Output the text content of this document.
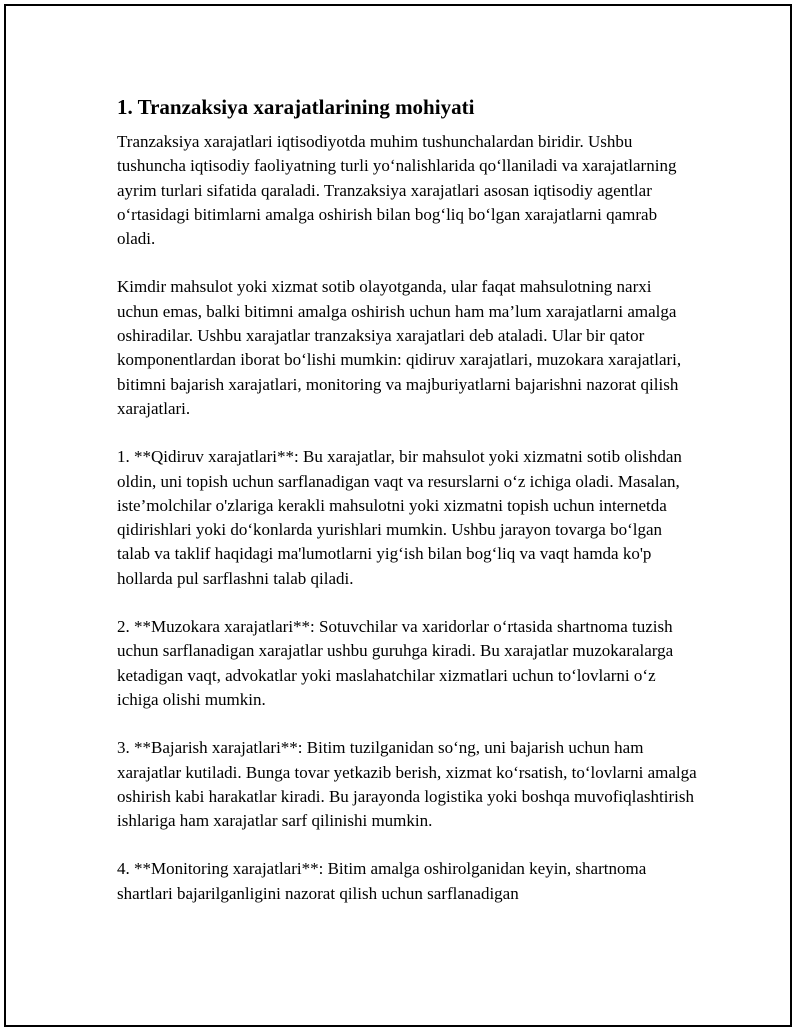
1. Tranzaksiya xarajatlarining mohiyati

Tranzaksiya xarajatlari iqtisodiyotda muhim tushunchalardan biridir. Ushbu tushuncha iqtisodiy faoliyatning turli yo‘nalishlarida qo‘llaniladi va xarajatlarning ayrim turlari sifatida qaraladi. Tranzaksiya xarajatlari asosan iqtisodiy agentlar o‘rtasidagi bitimlarni amalga oshirish bilan bog‘liq bo‘lgan xarajatlarni qamrab oladi.

Kimdir mahsulot yoki xizmat sotib olayotganda, ular faqat mahsulotning narxi uchun emas, balki bitimni amalga oshirish uchun ham ma’lum xarajatlarni amalga oshiradilar. Ushbu xarajatlar tranzaksiya xarajatlari deb ataladi. Ular bir qator komponentlardan iborat bo‘lishi mumkin: qidiruv xarajatlari, muzokara xarajatlari, bitimni bajarish xarajatlari, monitoring va majburiyatlarni bajarishni nazorat qilish xarajatlari.

1. **Qidiruv xarajatlari**: Bu xarajatlar, bir mahsulot yoki xizmatni sotib olishdan oldin, uni topish uchun sarflanadigan vaqt va resurslarni o‘z ichiga oladi. Masalan, iste’molchilar o'zlariga kerakli mahsulotni yoki xizmatni topish uchun internetda qidirishlari yoki do‘konlarda yurishlari mumkin. Ushbu jarayon tovarga bo‘lgan talab va taklif haqidagi ma'lumotlarni yig‘ish bilan bog‘liq va vaqt hamda ko'p hollarda pul sarflashni talab qiladi.

2. **Muzokara xarajatlari**: Sotuvchilar va xaridorlar o‘rtasida shartnoma tuzish uchun sarflanadigan xarajatlar ushbu guruhga kiradi. Bu xarajatlar muzokaralarga ketadigan vaqt, advokatlar yoki maslahatchilar xizmatlari uchun to‘lovlarni o‘z ichiga olishi mumkin.

3. **Bajarish xarajatlari**: Bitim tuzilganidan so‘ng, uni bajarish uchun ham xarajatlar kutiladi. Bunga tovar yetkazib berish, xizmat ko‘rsatish, to‘lovlarni amalga oshirish kabi harakatlar kiradi. Bu jarayonda logistika yoki boshqa muvofiqlashtirish ishlariga ham xarajatlar sarf qilinishi mumkin.

4. **Monitoring xarajatlari**: Bitim amalga oshirolganidan keyin, shartnoma shartlari bajarilganligini nazorat qilish uchun sarflanadigan
